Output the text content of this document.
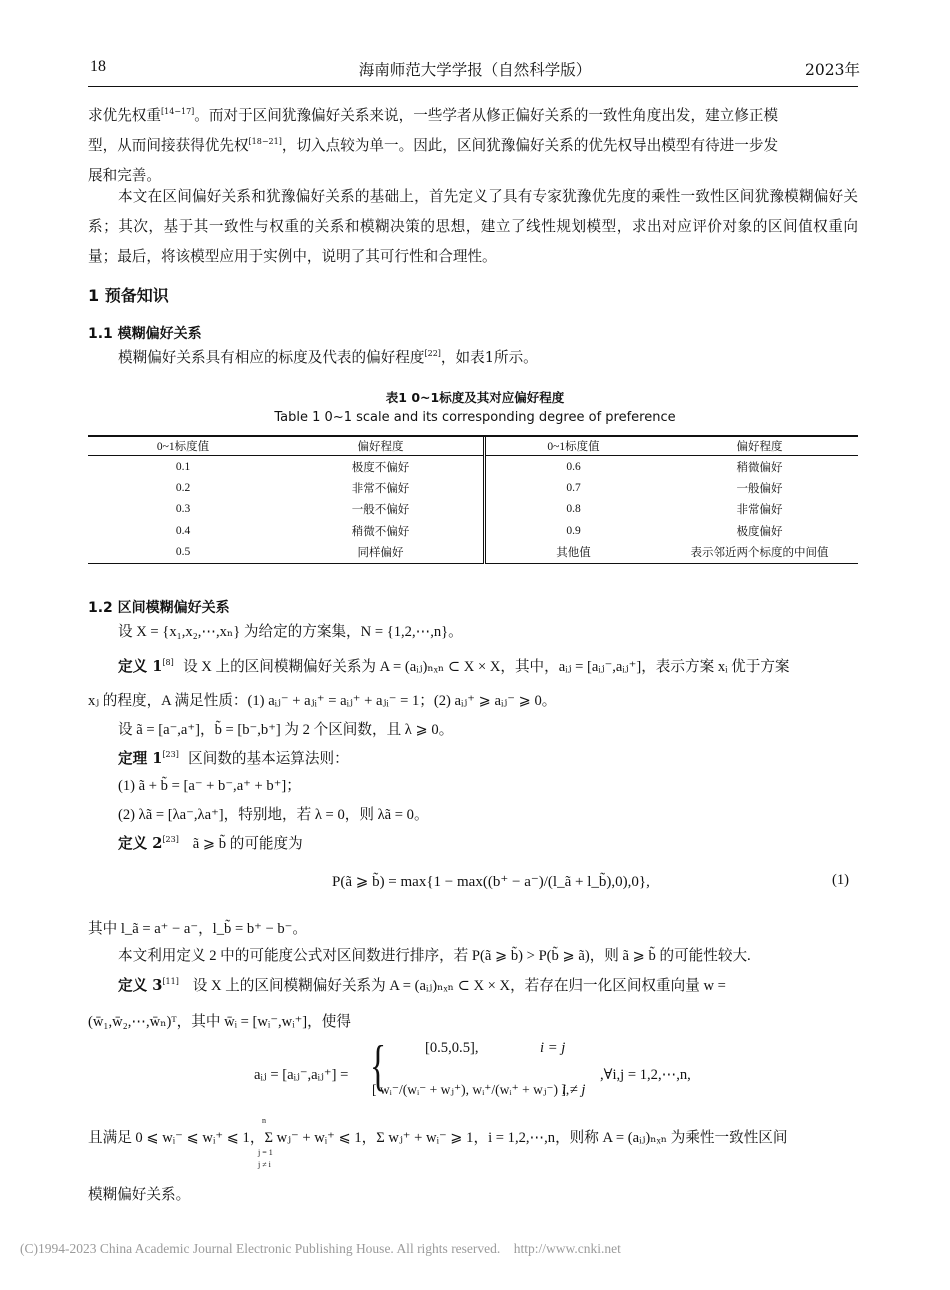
18	海南师范大学学报（自然科学版）	2023年
求优先权重[14−17]。而对于区间犹豫偏好关系来说，一些学者从修正偏好关系的一致性角度出发，建立修正模
型，从而间接获得优先权[18−21]，切入点较为单一。因此，区间犹豫偏好关系的优先权导出模型有待进一步发
展和完善。
本文在区间偏好关系和犹豫偏好关系的基础上，首先定义了具有专家犹豫优先度的乘性一致性区间犹豫模糊偏好关系；其次，基于其一致性与权重的关系和模糊决策的思想，建立了线性规划模型，求出对应评价对象的区间值权重向量；最后，将该模型应用于实例中，说明了其可行性和合理性。
1 预备知识
1.1 模糊偏好关系
模糊偏好关系具有相应的标度及代表的偏好程度[22]，如表1所示。
表1 0~1标度及其对应偏好程度
Table 1 0~1 scale and its corresponding degree of preference
0~1标度值	偏好程度	0~1标度值	偏好程度
0.1	极度不偏好	0.6	稍微偏好
0.2	非常不偏好	0.7	一般偏好
0.3	一般不偏好	0.8	非常偏好
0.4	稍微不偏好	0.9	极度偏好
0.5	同样偏好	其他值	表示邻近两个标度的中间值
1.2 区间模糊偏好关系
设 X = {x₁,x₂,⋯,xₙ} 为给定的方案集，N = {1,2,⋯,n}。
定义 1[8] 设 X 上的区间模糊偏好关系为 A = (aᵢⱼ)ₙₓₙ ⊂ X × X，其中，aᵢⱼ = [aᵢⱼ⁻,aᵢⱼ⁺]，表示方案 xᵢ 优于方案
xⱼ 的程度，A 满足性质：(1) aᵢⱼ⁻ + aⱼᵢ⁺ = aᵢⱼ⁺ + aⱼᵢ⁻ = 1；(2) aᵢⱼ⁺ ⩾ aᵢⱼ⁻ ⩾ 0。
设 ã = [a⁻,a⁺]，b̃ = [b⁻,b⁺] 为 2 个区间数，且 λ ⩾ 0。
定理 1[23] 区间数的基本运算法则：
(1) ã + b̃ = [a⁻ + b⁻,a⁺ + b⁺]；
(2) λã = [λa⁻,λa⁺]，特别地，若 λ = 0，则 λã = 0。
定义 2[23] ã ⩾ b̃ 的可能度为
P(ã ⩾ b̃) = max{1 − max((b⁺ − a⁻)/(l_ã + l_b̃),0),0},	(1)
其中 l_ã = a⁺ − a⁻，l_b̃ = b⁺ − b⁻。
本文利用定义 2 中的可能度公式对区间数进行排序，若 P(ã ⩾ b̃) > P(b̃ ⩾ ã)，则 ã ⩾ b̃ 的可能性较大.
定义 3[11] 设 X 上的区间模糊偏好关系为 A = (aᵢⱼ)ₙₓₙ ⊂ X × X，若存在归一化区间权重向量 w =
(w̄₁,w̄₂,⋯,w̄ₙ)ᵀ，其中 w̄ᵢ = [wᵢ⁻,wᵢ⁺]，使得
aᵢⱼ = [aᵢⱼ⁻,aᵢⱼ⁺] = {	[0.5,0.5],	i = j
[ wᵢ⁻/(wᵢ⁻ + wⱼ⁺), wᵢ⁺/(wᵢ⁺ + wⱼ⁻) ],
i ≠ j
,∀i,j = 1,2,⋯,n,
且满足 0 ⩽ wᵢ⁻ ⩽ wᵢ⁺ ⩽ 1，Σ wⱼ⁻ + wᵢ⁺ ⩽ 1，Σ wⱼ⁺ + wᵢ⁻ ⩾ 1，i = 1,2,⋯,n，则称 A = (aᵢⱼ)ₙₓₙ 为乘性一致性区间
n
j = 1
j ≠ i
模糊偏好关系。
(C)1994-2023 China Academic Journal Electronic Publishing House. All rights reserved. http://www.cnki.net
